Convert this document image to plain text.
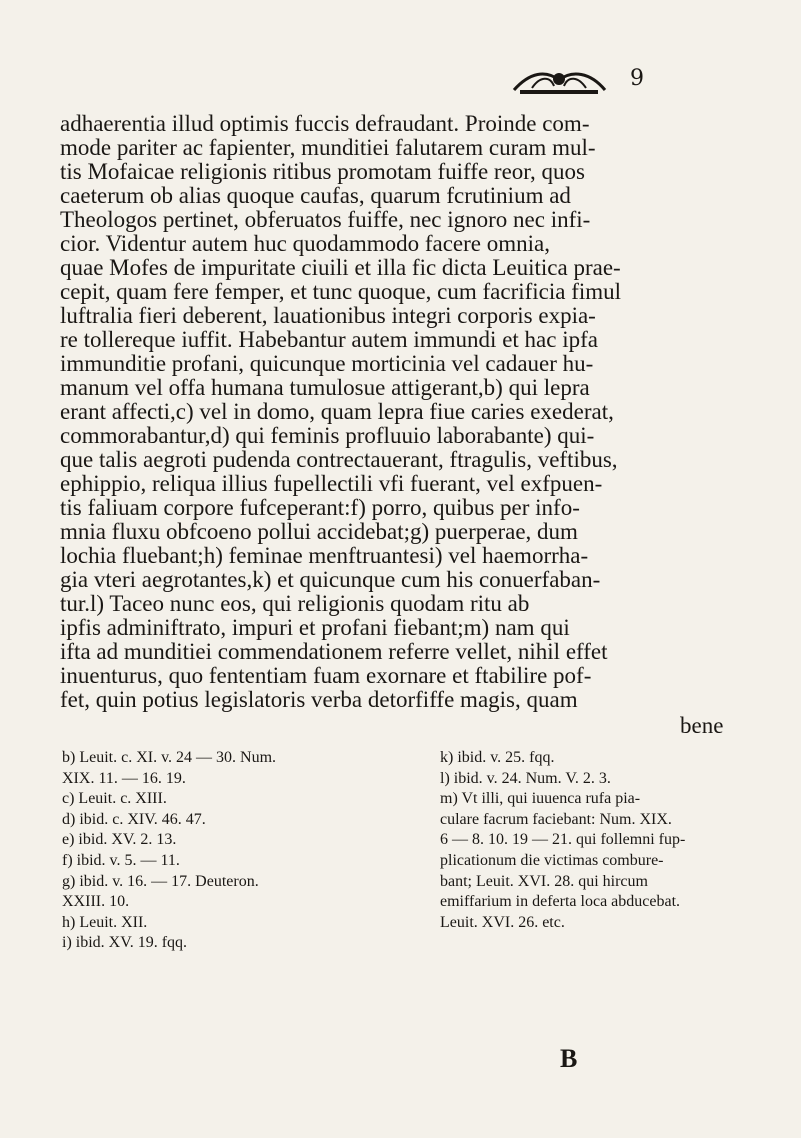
9
adhaerentia illud optimis fuccis defraudant. Proinde com-
mode pariter ac fapienter, munditiei falutarem curam mul-
tis Mofaicae religionis ritibus promotam fuiffe reor, quos
caeterum ob alias quoque caufas, quarum fcrutinium ad
Theologos pertinet, obferuatos fuiffe, nec ignoro nec infi-
cior. Videntur autem huc quodammodo facere omnia,
quae Mofes de impuritate ciuili et illa fic dicta Leuitica prae-
cepit, quam fere femper, et tunc quoque, cum facrificia fimul
luftralia fieri deberent, lauationibus integri corporis expia-
re tollereque iuffit. Habebantur autem immundi et hac ipfa
immunditie profani, quicunque morticinia vel cadauer hu-
manum vel offa humana tumulosue attigerant,b) qui lepra
erant affecti,c) vel in domo, quam lepra fiue caries exederat,
commorabantur,d) qui feminis profluuio laborabante) qui-
que talis aegroti pudenda contrectauerant, ftragulis, veftibus,
ephippio, reliqua illius fupellectili vfi fuerant, vel exfpuen-
tis faliuam corpore fufceperant:f) porro, quibus per info-
mnia fluxu obfcoeno pollui accidebat;g) puerperae, dum
lochia fluebant;h) feminae menftruantesi) vel haemorrha-
gia vteri aegrotantes,k) et quicunque cum his conuerfaban-
tur.l) Taceo nunc eos, qui religionis quodam ritu ab
ipfis adminiftrato, impuri et profani fiebant;m) nam qui
ifta ad munditiei commendationem referre vellet, nihil effet
inuenturus, quo fententiam fuam exornare et ftabilire pof-
fet, quin potius legislatoris verba detorfiffe magis, quam
bene
b) Leuit. c. XI. v. 24 — 30. Num.
XIX. 11. — 16. 19.
c) Leuit. c. XIII.
d) ibid. c. XIV. 46. 47.
e) ibid. XV. 2. 13.
f) ibid. v. 5. — 11.
g) ibid. v. 16. — 17. Deuteron.
XXIII. 10.
h) Leuit. XII.
i) ibid. XV. 19. fqq.
k) ibid. v. 25. fqq.
l) ibid. v. 24. Num. V. 2. 3.
m) Vt illi, qui iuuenca rufa pia-
culare facrum faciebant: Num. XIX.
6 — 8. 10. 19 — 21. qui follemni fup-
plicationum die victimas combure-
bant; Leuit. XVI. 28. qui hircum
emiffarium in deferta loca abducebat.
Leuit. XVI. 26. etc.
B
